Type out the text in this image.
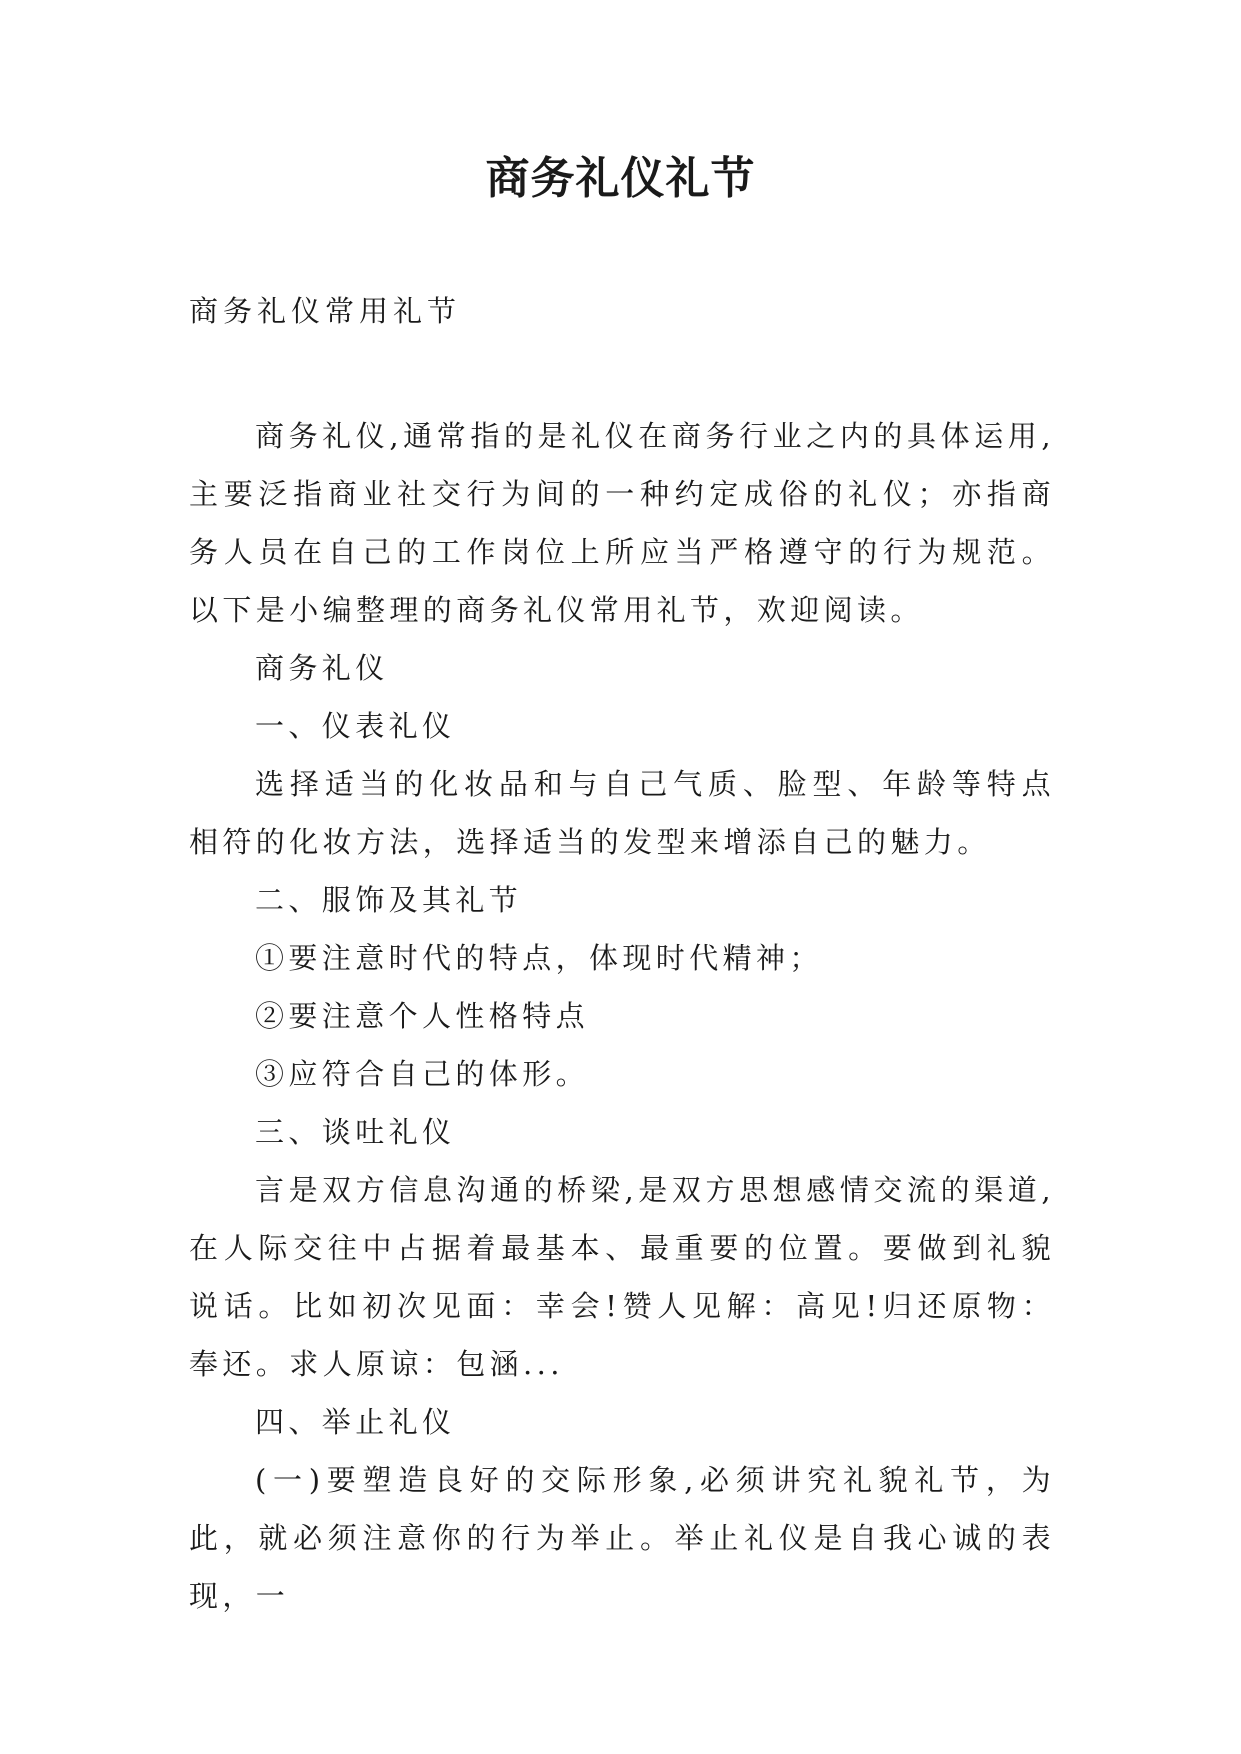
商务礼仪礼节

商务礼仪常用礼节

商务礼仪,通常指的是礼仪在商务行业之内的具体运用,主要泛指商业社交行为间的一种约定成俗的礼仪；亦指商务人员在自己的工作岗位上所应当严格遵守的行为规范。以下是小编整理的商务礼仪常用礼节，欢迎阅读。

商务礼仪

一、仪表礼仪

选择适当的化妆品和与自己气质、脸型、年龄等特点相符的化妆方法，选择适当的发型来增添自己的魅力。

二、服饰及其礼节

①要注意时代的特点，体现时代精神；

②要注意个人性格特点

③应符合自己的体形。

三、谈吐礼仪

言是双方信息沟通的桥梁,是双方思想感情交流的渠道,在人际交往中占据着最基本、最重要的位置。要做到礼貌说话。比如初次见面：幸会!赞人见解：高见!归还原物：奉还。求人原谅：包涵...

四、举止礼仪

(一)要塑造良好的交际形象,必须讲究礼貌礼节，为此，就必须注意你的行为举止。举止礼仪是自我心诚的表现，一
